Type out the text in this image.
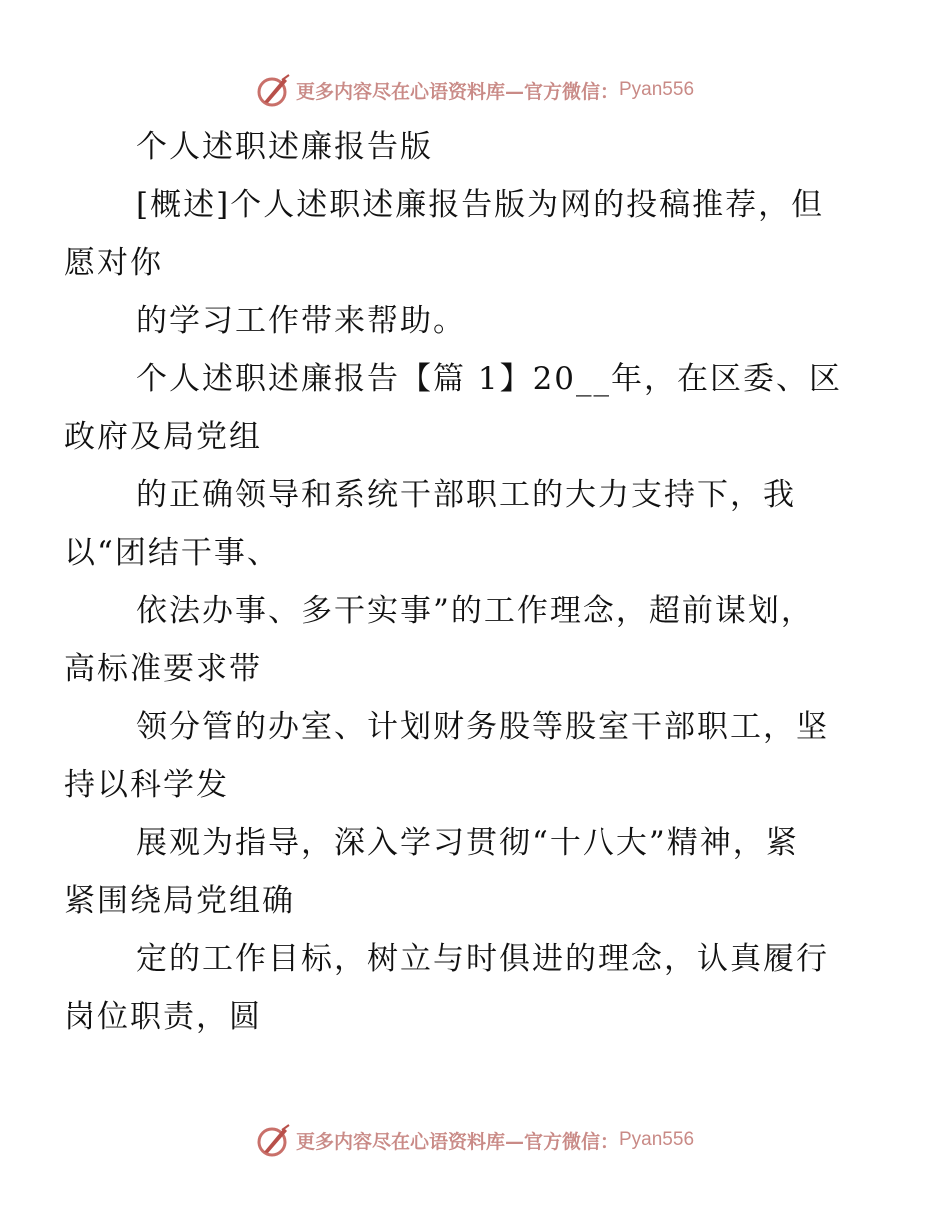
更多内容尽在心语资料库—官方微信： Pyan556

个人述职述廉报告版

[概述]个人述职述廉报告版为网的投稿推荐，但
愿对你

的学习工作带来帮助。

个人述职述廉报告【篇 1】20__年，在区委、区
政府及局党组

的正确领导和系统干部职工的大力支持下，我
以“团结干事、

依法办事、多干实事”的工作理念，超前谋划，
高标准要求带

领分管的办室、计划财务股等股室干部职工，坚
持以科学发

展观为指导，深入学习贯彻“十八大”精神，紧
紧围绕局党组确

定的工作目标，树立与时俱进的理念，认真履行
岗位职责，圆

更多内容尽在心语资料库—官方微信： Pyan556
